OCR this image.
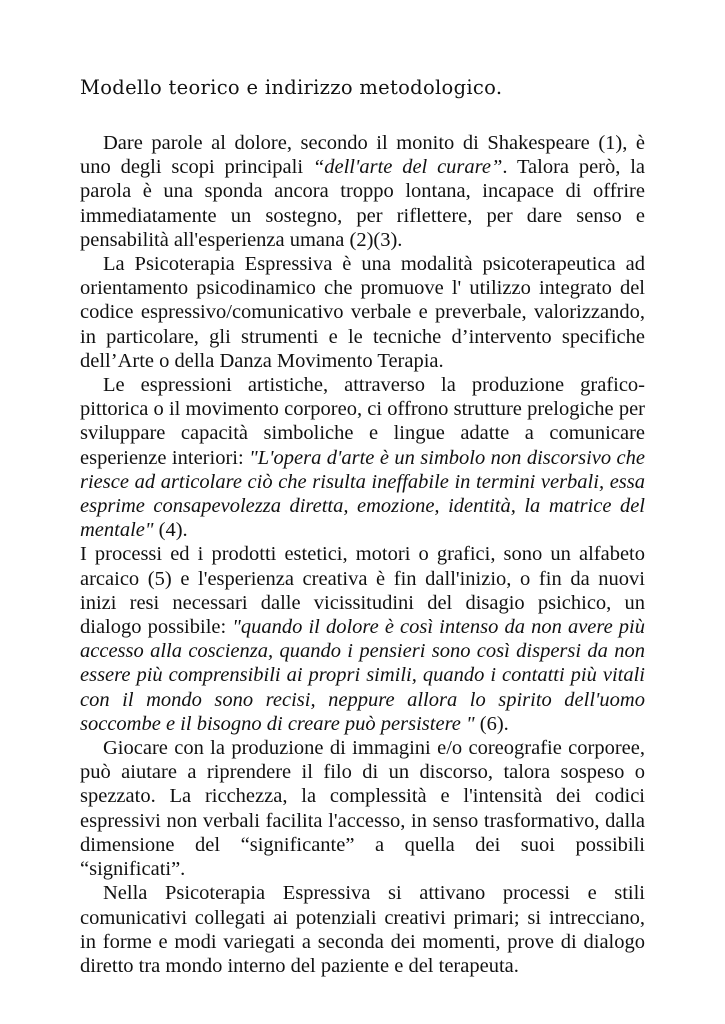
Modello teorico e indirizzo metodologico.

Dare parole al dolore, secondo il monito di Shakespeare (1), è uno degli scopi principali “dell'arte del curare”. Talora però, la parola è una sponda ancora troppo lontana, incapace di offrire immediatamente un sostegno, per riflettere, per dare senso e pensabilità all'esperienza umana (2)(3).

La Psicoterapia Espressiva è una modalità psicoterapeutica ad orientamento psicodinamico che promuove l' utilizzo integrato del codice espressivo/comunicativo verbale e preverbale, valorizzando, in particolare, gli strumenti e le tecniche d’intervento specifiche dell’Arte o della Danza Movimento Terapia.

Le espressioni artistiche, attraverso la produzione grafico-pittorica o il movimento corporeo, ci offrono strutture prelogiche per sviluppare capacità simboliche e lingue adatte a comunicare esperienze interiori: "L'opera d'arte è un simbolo non discorsivo che riesce ad articolare ciò che risulta ineffabile in termini verbali, essa esprime consapevolezza diretta, emozione, identità, la matrice del mentale" (4).

I processi ed i prodotti estetici, motori o grafici, sono un alfabeto arcaico (5) e l'esperienza creativa è fin dall'inizio, o fin da nuovi inizi resi necessari dalle vicissitudini del disagio psichico, un dialogo possibile: "quando il dolore è così intenso da non avere più accesso alla coscienza, quando i pensieri sono così dispersi da non essere più comprensibili ai propri simili, quando i contatti più vitali con il mondo sono recisi, neppure allora lo spirito dell'uomo soccombe e il bisogno di creare può persistere " (6).

Giocare con la produzione di immagini e/o coreografie corporee, può aiutare a riprendere il filo di un discorso, talora sospeso o spezzato. La ricchezza, la complessità e l'intensità dei codici espressivi non verbali facilita l'accesso, in senso trasformativo, dalla dimensione del “significante” a quella dei suoi possibili “significati”.

Nella Psicoterapia Espressiva si attivano processi e stili comunicativi collegati ai potenziali creativi primari; si intrecciano, in forme e modi variegati a seconda dei momenti, prove di dialogo diretto tra mondo interno del paziente e del terapeuta.
